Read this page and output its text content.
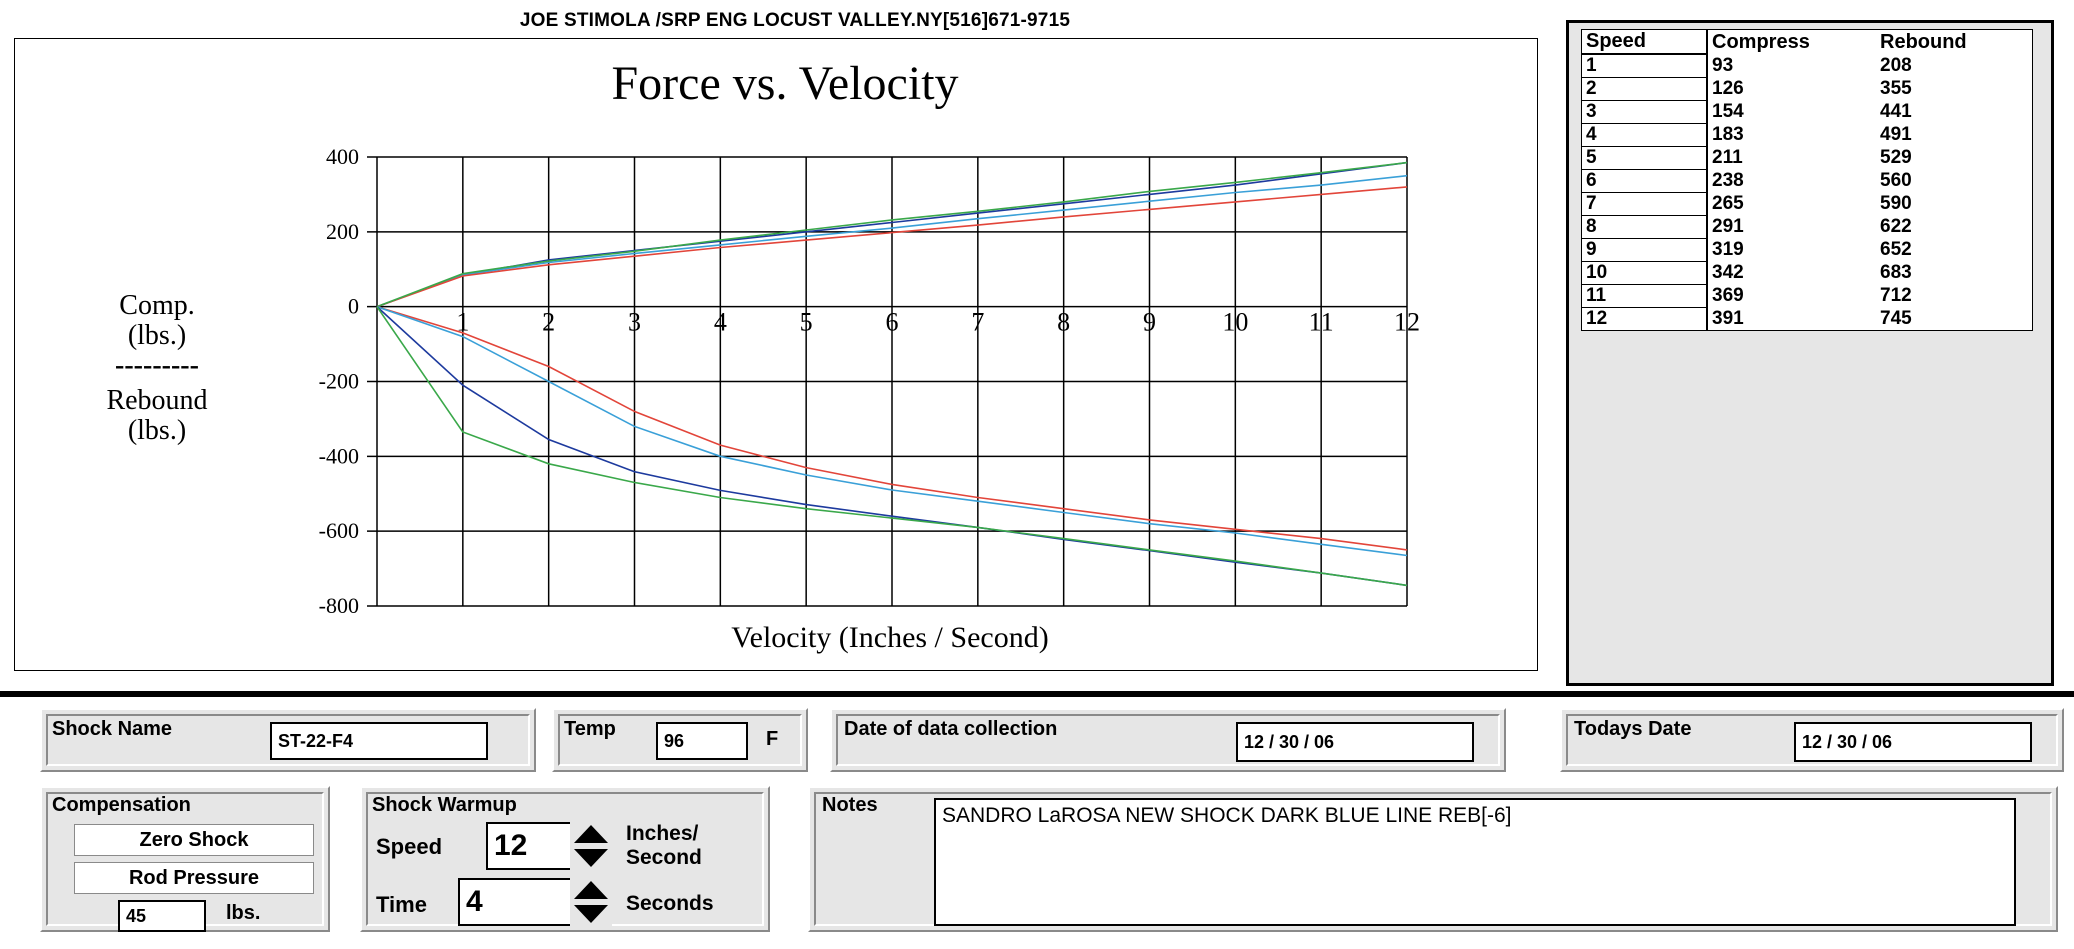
JOE STIMOLA /SRP ENG LOCUST VALLEY.NY[516]671-9715
Force vs. Velocity
400
200
0
-200
-400
-600
-800
1	2	3	4	5	6	7	8	9	10 11 12
Velocity (Inches / Second)
Comp.
(lbs.)
---------
Rebound
(lbs.)
Speed	Compress	Rebound
1	93	208
2	126	355
3	154	441
4	183	491
5	211	529
6	238	560
7	265	590
8	291	622
9	319	652
10	342	683
11	369	712
12	391	745
Shock Name
ST-22-F4
Temp
96	F	Date of data collection
12 / 30 / 06
Todays Date
12 / 30 / 06
Compensation
Zero Shock
Rod Pressure
45	lbs.
Shock Warmup
Speed 12	Inches/
Second
Time 4	Seconds
Notes	SANDRO LaROSA NEW SHOCK DARK BLUE LINE REB[-6]
